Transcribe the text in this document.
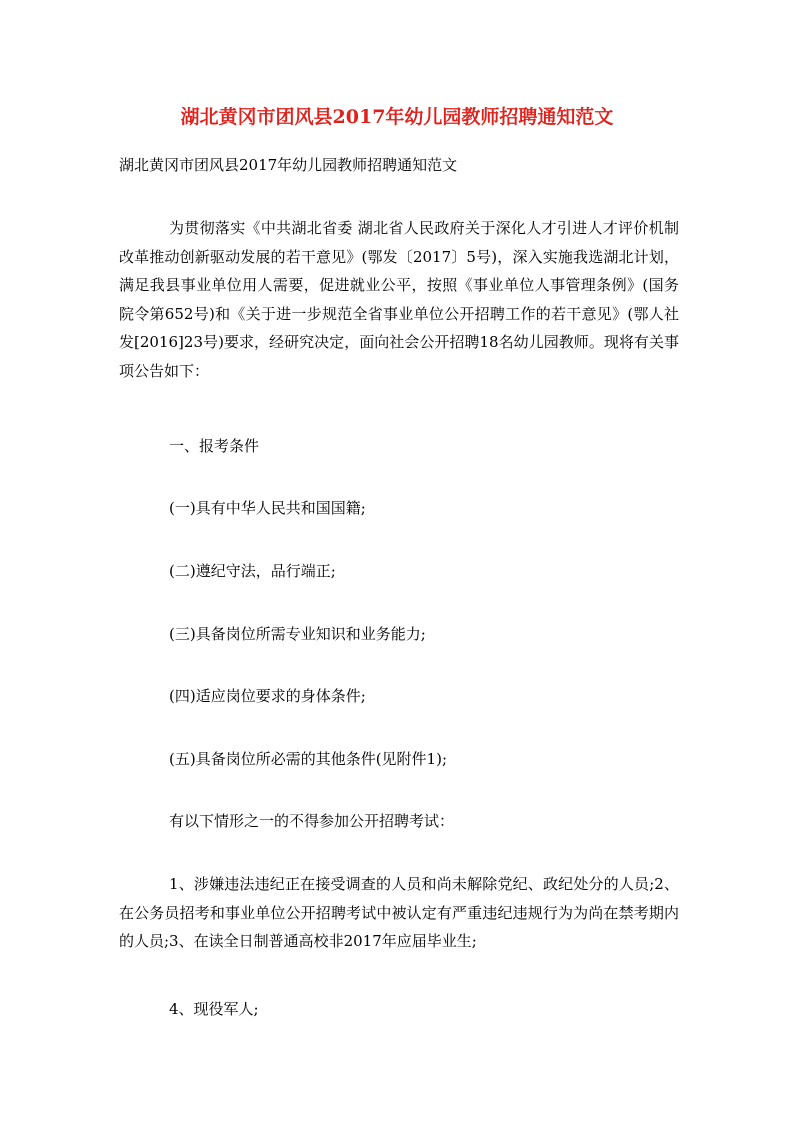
湖北黄冈市团风县2017年幼儿园教师招聘通知范文
湖北黄冈市团风县2017年幼儿园教师招聘通知范文
为贯彻落实《中共湖北省委 湖北省人民政府关于深化人才引进人才评价机制改革推动创新驱动发展的若干意见》(鄂发〔2017〕5号)，深入实施我选湖北计划，满足我县事业单位用人需要，促进就业公平，按照《事业单位人事管理条例》(国务院令第652号)和《关于进一步规范全省事业单位公开招聘工作的若干意见》(鄂人社发[2016]23号)要求，经研究决定，面向社会公开招聘18名幼儿园教师。现将有关事项公告如下：
一、报考条件
(一)具有中华人民共和国国籍;
(二)遵纪守法，品行端正;
(三)具备岗位所需专业知识和业务能力;
(四)适应岗位要求的身体条件;
(五)具备岗位所必需的其他条件(见附件1);
有以下情形之一的不得参加公开招聘考试：
1、涉嫌违法违纪正在接受调查的人员和尚未解除党纪、政纪处分的人员;2、在公务员招考和事业单位公开招聘考试中被认定有严重违纪违规行为为尚在禁考期内的人员;3、在读全日制普通高校非2017年应届毕业生;
4、现役军人;
